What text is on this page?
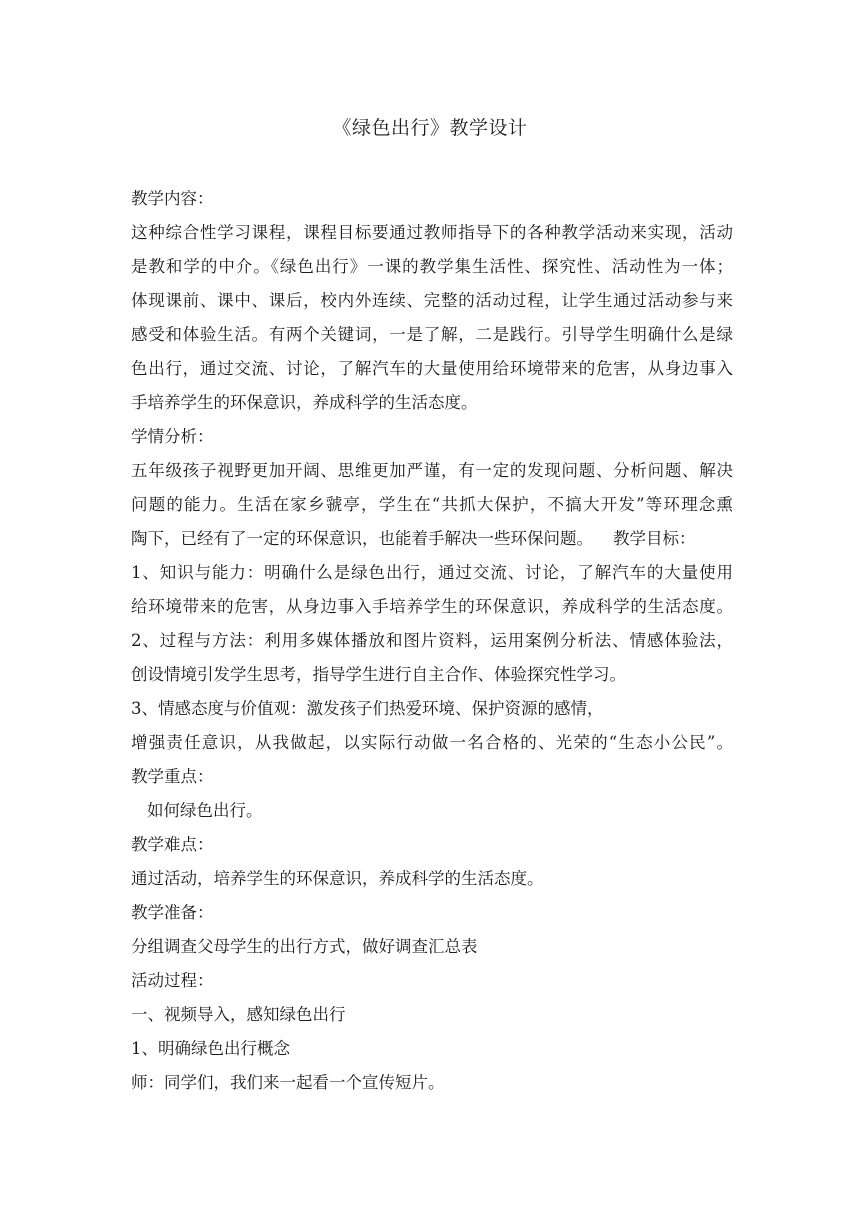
《绿色出行》教学设计
教学内容：
这种综合性学习课程，课程目标要通过教师指导下的各种教学活动来实现，活动
是教和学的中介。《绿色出行》一课的教学集生活性、探究性、活动性为一体；
体现课前、课中、课后，校内外连续、完整的活动过程，让学生通过活动参与来
感受和体验生活。有两个关键词，一是了解，二是践行。引导学生明确什么是绿
色出行，通过交流、讨论，了解汽车的大量使用给环境带来的危害，从身边事入
手培养学生的环保意识，养成科学的生活态度。
学情分析：
五年级孩子视野更加开阔、思维更加严谨，有一定的发现问题、分析问题、解决
问题的能力。生活在家乡虢亭，学生在“共抓大保护，不搞大开发”等环理念熏
陶下，已经有了一定的环保意识，也能着手解决一些环保问题。 教学目标：
1、知识与能力：明确什么是绿色出行，通过交流、讨论，了解汽车的大量使用
给环境带来的危害，从身边事入手培养学生的环保意识，养成科学的生活态度。
2、过程与方法：利用多媒体播放和图片资料，运用案例分析法、情感体验法，
创设情境引发学生思考，指导学生进行自主合作、体验探究性学习。
3、情感态度与价值观：激发孩子们热爱环境、保护资源的感情，
增强责任意识，从我做起，以实际行动做一名合格的、光荣的“生态小公民”。
教学重点：
如何绿色出行。
教学难点：
通过活动，培养学生的环保意识，养成科学的生活态度。
教学准备：
分组调查父母学生的出行方式，做好调查汇总表
活动过程：
一、视频导入，感知绿色出行
1、明确绿色出行概念
师：同学们，我们来一起看一个宣传短片。
